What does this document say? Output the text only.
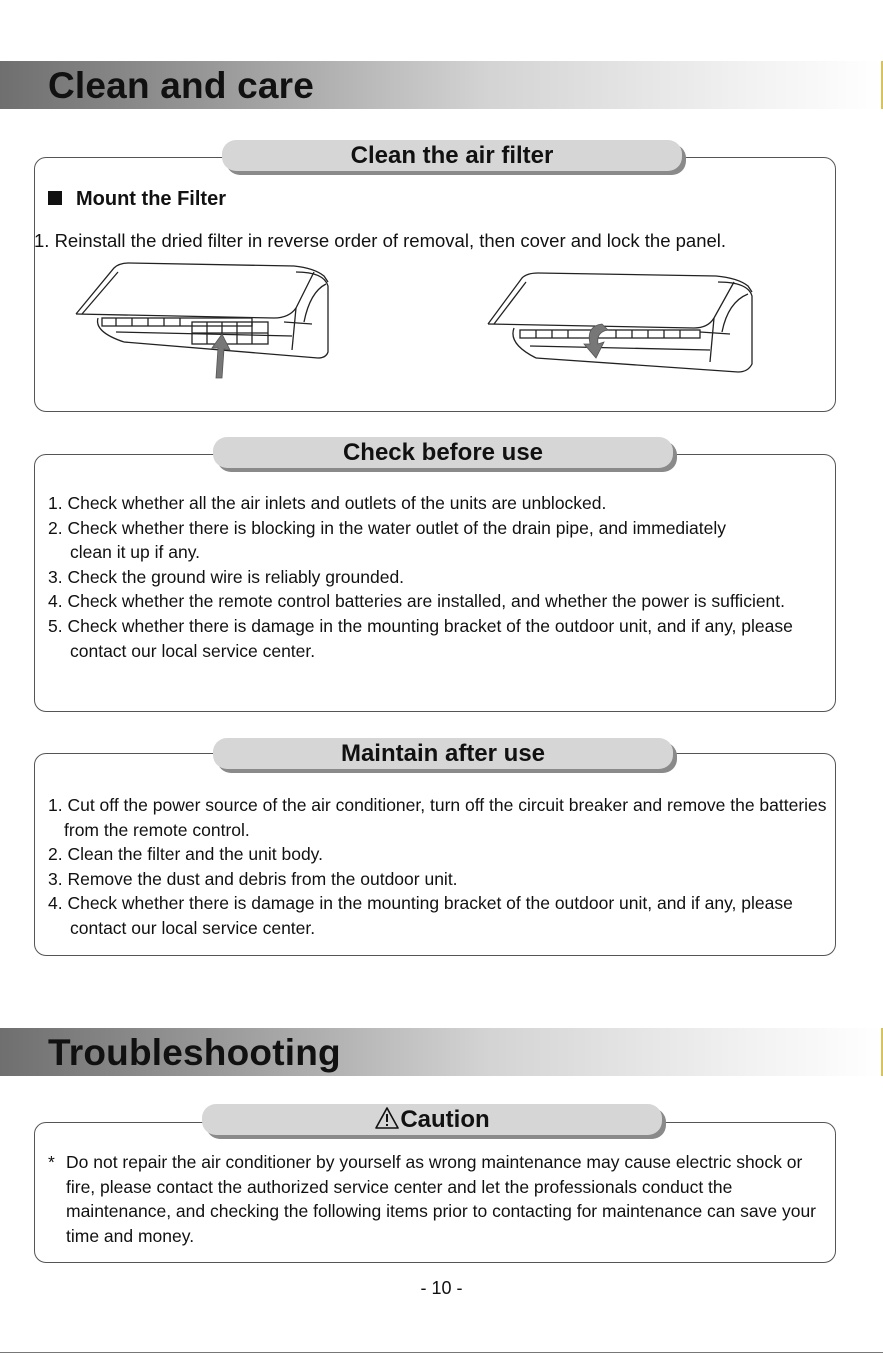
Clean and care
Clean the air filter
Mount the Filter
1. Reinstall the dried filter in reverse order of removal, then cover and lock the panel.
Check before use
1. Check whether all the air inlets and outlets of the units are unblocked.
2. Check whether there is blocking in the water outlet of the drain pipe, and immediately clean it up if any.
3. Check the ground wire is reliably grounded.
4. Check whether the remote control batteries are installed, and whether the power is sufficient.
5. Check whether there is damage in the mounting bracket of the outdoor unit, and if any, please contact our local service center.
Maintain after use
1. Cut off the power source of the air conditioner, turn off the circuit breaker and remove the batteries from the remote control.
2. Clean the filter and the unit body.
3. Remove the dust and debris from the outdoor unit.
4. Check whether there is damage in the mounting bracket of the outdoor unit, and if any, please contact our local service center.
Troubleshooting
Caution
* Do not repair the air conditioner by yourself as wrong maintenance may cause electric shock or fire, please contact the authorized service center and let the professionals conduct the maintenance, and checking the following items prior to contacting for maintenance can save your time and money.
- 10 -
